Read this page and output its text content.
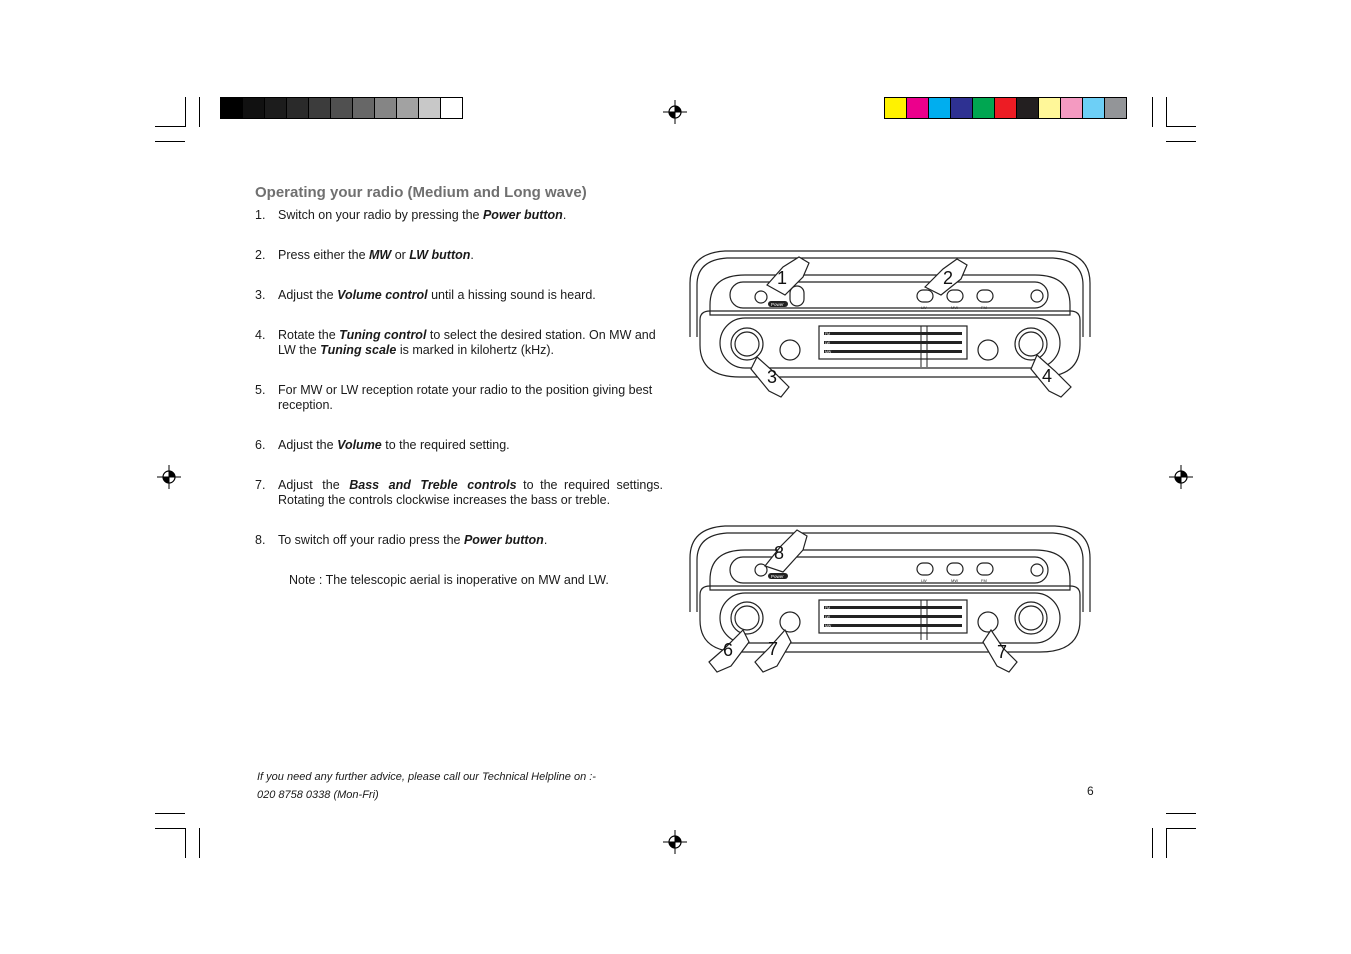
Operating your radio (Medium and Long wave)
1. Switch on your radio by pressing the Power button.
2. Press either the MW or LW button.
3. Adjust the Volume control until a hissing sound is heard.
4. Rotate the Tuning control to select the desired station. On MW and LW the Tuning scale is marked in kilohertz (kHz).
5. For MW or LW reception rotate your radio to the position giving best reception.
6. Adjust the Volume to the required setting.
7. Adjust the Bass and Treble controls to the required settings. Rotating the controls clockwise increases the bass or treble.
8. To switch off your radio press the Power button.
Note : The telescopic aerial is inoperative on MW and LW.
If you need any further advice, please call our Technical Helpline on :-
020 8758 0338 (Mon-Fri)	6
Power
LW	MW	FM
FM
LW
MW
1	2
3	4
Power
LW	MW	FM
FM
LW
MW
8
6 7	7
